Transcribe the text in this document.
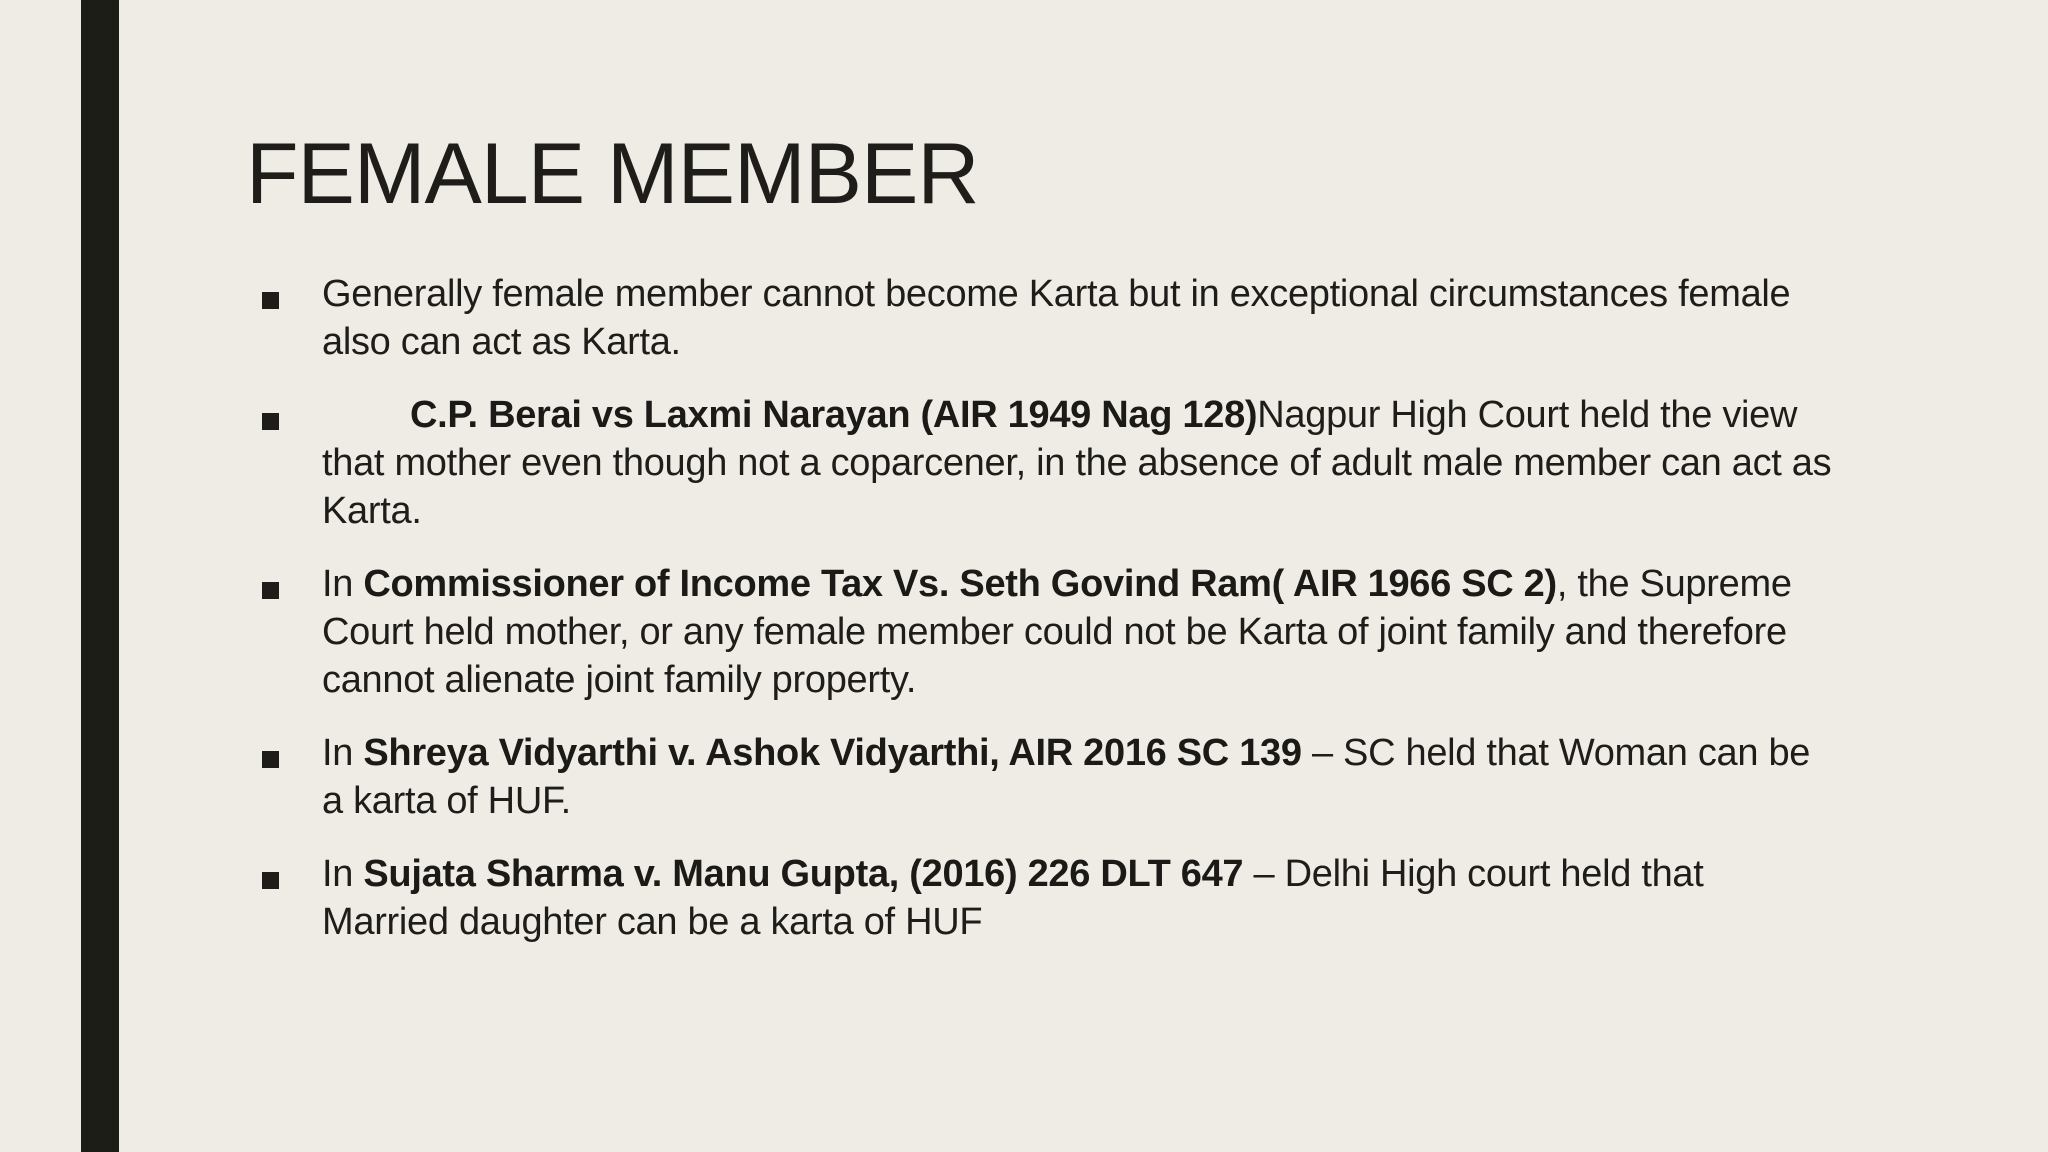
FEMALE MEMBER
Generally female member cannot become Karta but in exceptional circumstances female also can act as Karta.
C.P. Berai vs Laxmi Narayan (AIR 1949 Nag 128)Nagpur High Court held the view that mother even though not a coparcener, in the absence of adult male member can act as Karta.
In Commissioner of Income Tax Vs. Seth Govind Ram( AIR 1966 SC 2), the Supreme Court held mother, or any female member could not be Karta of joint family and therefore cannot alienate joint family property.
In Shreya Vidyarthi v. Ashok Vidyarthi, AIR 2016 SC 139 – SC held that Woman can be a karta of HUF.
In Sujata Sharma v. Manu Gupta, (2016) 226 DLT 647 – Delhi High court held that Married daughter can be a karta of HUF
